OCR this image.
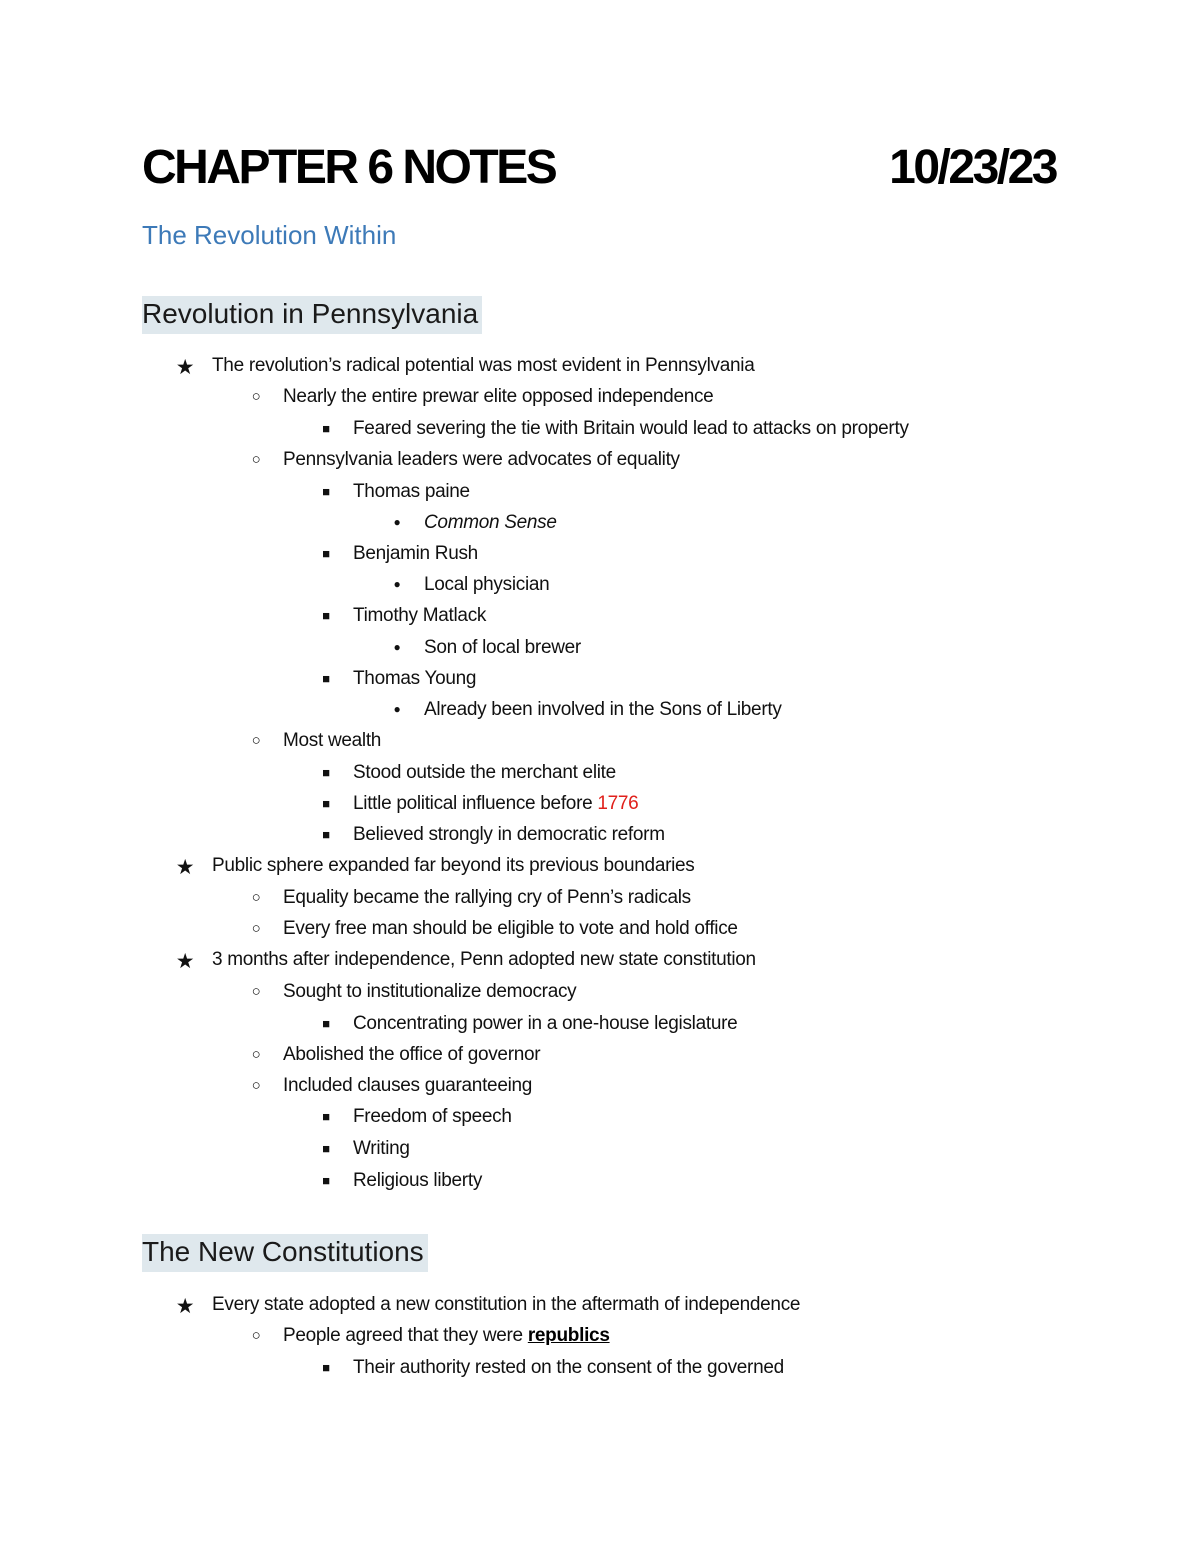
CHAPTER 6 NOTES	10/23/23
The Revolution Within
Revolution in Pennsylvania
★ The revolution’s radical potential was most evident in Pennsylvania
○	Nearly the entire prewar elite opposed independence
■	Feared severing the tie with Britain would lead to attacks on property
○	Pennsylvania leaders were advocates of equality
■	Thomas paine
●	Common Sense
■	Benjamin Rush
●	Local physician
■	Timothy Matlack
●	Son of local brewer
■	Thomas Young
●	Already been involved in the Sons of Liberty
○	Most wealth
■	Stood outside the merchant elite
■	Little political influence before 1776
■	Believed strongly in democratic reform
★ Public sphere expanded far beyond its previous boundaries
○	Equality became the rallying cry of Penn’s radicals
○	Every free man should be eligible to vote and hold office
★ 3 months after independence, Penn adopted new state constitution
○	Sought to institutionalize democracy
■	Concentrating power in a one-house legislature
○	Abolished the office of governor
○	Included clauses guaranteeing
■	Freedom of speech
■	Writing
■	Religious liberty
The New Constitutions
★ Every state adopted a new constitution in the aftermath of independence
○	People agreed that they were republics
■	Their authority rested on the consent of the governed
